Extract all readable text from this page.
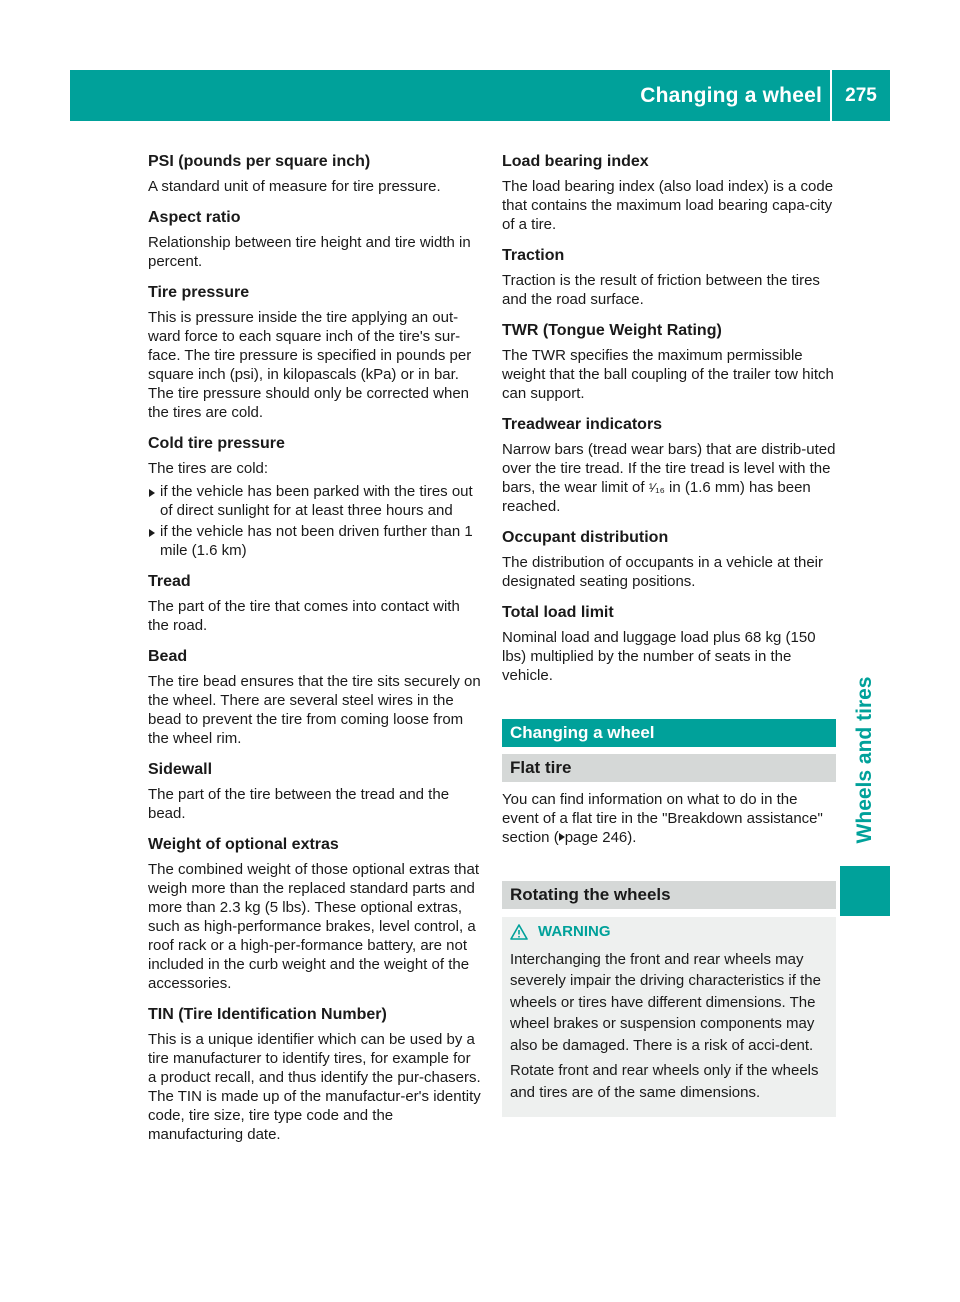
Changing a wheel	275
Wheels and tires
PSI (pounds per square inch)

A standard unit of measure for tire pressure.

Aspect ratio

Relationship between tire height and tire width in percent.

Tire pressure

This is pressure inside the tire applying an out-ward force to each square inch of the tire's sur-face. The tire pressure is specified in pounds per square inch (psi), in kilopascals (kPa) or in bar. The tire pressure should only be corrected when the tires are cold.

Cold tire pressure

The tires are cold:

if the vehicle has been parked with the tires out of direct sunlight for at least three hours and
if the vehicle has not been driven further than 1 mile (1.6 km)
Tread

The part of the tire that comes into contact with the road.

Bead

The tire bead ensures that the tire sits securely on the wheel. There are several steel wires in the bead to prevent the tire from coming loose from the wheel rim.

Sidewall

The part of the tire between the tread and the bead.

Weight of optional extras

The combined weight of those optional extras that weigh more than the replaced standard parts and more than 2.3 kg (5 lbs). These optional extras, such as high-performance brakes, level control, a roof rack or a high-per-formance battery, are not included in the curb weight and the weight of the accessories.

TIN (Tire Identification Number)

This is a unique identifier which can be used by a tire manufacturer to identify tires, for example for a product recall, and thus identify the pur-chasers. The TIN is made up of the manufactur-er's identity code, tire size, tire type code and the manufacturing date.

Load bearing index

The load bearing index (also load index) is a code that contains the maximum load bearing capa-city of a tire.

Traction

Traction is the result of friction between the tires and the road surface.

TWR (Tongue Weight Rating)

The TWR specifies the maximum permissible weight that the ball coupling of the trailer tow hitch can support.

Treadwear indicators

Narrow bars (tread wear bars) that are distrib-uted over the tire tread. If the tire tread is level with the bars, the wear limit of ¹⁄₁₆ in (1.6 mm) has been reached.

Occupant distribution

The distribution of occupants in a vehicle at their designated seating positions.

Total load limit

Nominal load and luggage load plus 68 kg (150 lbs) multiplied by the number of seats in the vehicle.

Changing a wheel
Flat tire

You can find information on what to do in the event of a flat tire in the "Breakdown assistance" section ( page 246).

Rotating the wheels
WARNING

Interchanging the front and rear wheels may severely impair the driving characteristics if the wheels or tires have different dimensions. The wheel brakes or suspension components may also be damaged. There is a risk of acci-dent.

Rotate front and rear wheels only if the wheels and tires are of the same dimensions.
